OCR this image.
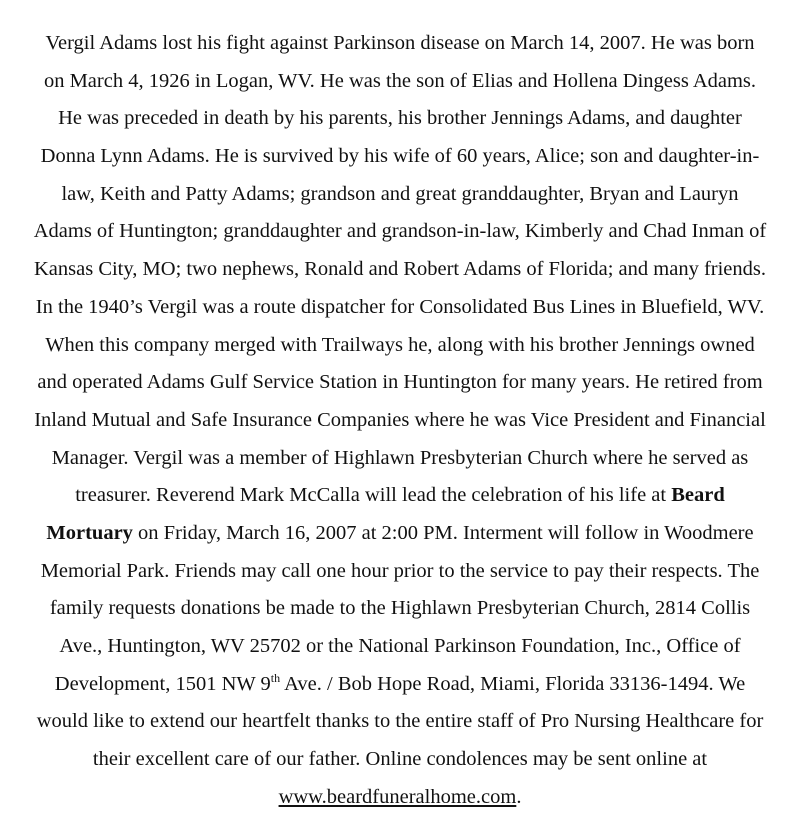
Vergil Adams lost his fight against Parkinson disease on March 14, 2007. He was born
on March 4, 1926 in Logan, WV. He was the son of Elias and Hollena Dingess Adams.
He was preceded in death by his parents, his brother Jennings Adams, and daughter
Donna Lynn Adams. He is survived by his wife of 60 years, Alice; son and daughter-in-
law, Keith and Patty Adams; grandson and great granddaughter, Bryan and Lauryn
Adams of Huntington; granddaughter and grandson-in-law, Kimberly and Chad Inman of
Kansas City, MO; two nephews, Ronald and Robert Adams of Florida; and many friends.
In the 1940’s Vergil was a route dispatcher for Consolidated Bus Lines in Bluefield, WV.
When this company merged with Trailways he, along with his brother Jennings owned
and operated Adams Gulf Service Station in Huntington for many years. He retired from
Inland Mutual and Safe Insurance Companies where he was Vice President and Financial
Manager. Vergil was a member of Highlawn Presbyterian Church where he served as
treasurer. Reverend Mark McCalla will lead the celebration of his life at Beard
Mortuary on Friday, March 16, 2007 at 2:00 PM. Interment will follow in Woodmere
Memorial Park. Friends may call one hour prior to the service to pay their respects. The
family requests donations be made to the Highlawn Presbyterian Church, 2814 Collis
Ave., Huntington, WV 25702 or the National Parkinson Foundation, Inc., Office of
Development, 1501 NW 9th Ave. / Bob Hope Road, Miami, Florida 33136-1494. We
would like to extend our heartfelt thanks to the entire staff of Pro Nursing Healthcare for
their excellent care of our father. Online condolences may be sent online at
www.beardfuneralhome.com.
